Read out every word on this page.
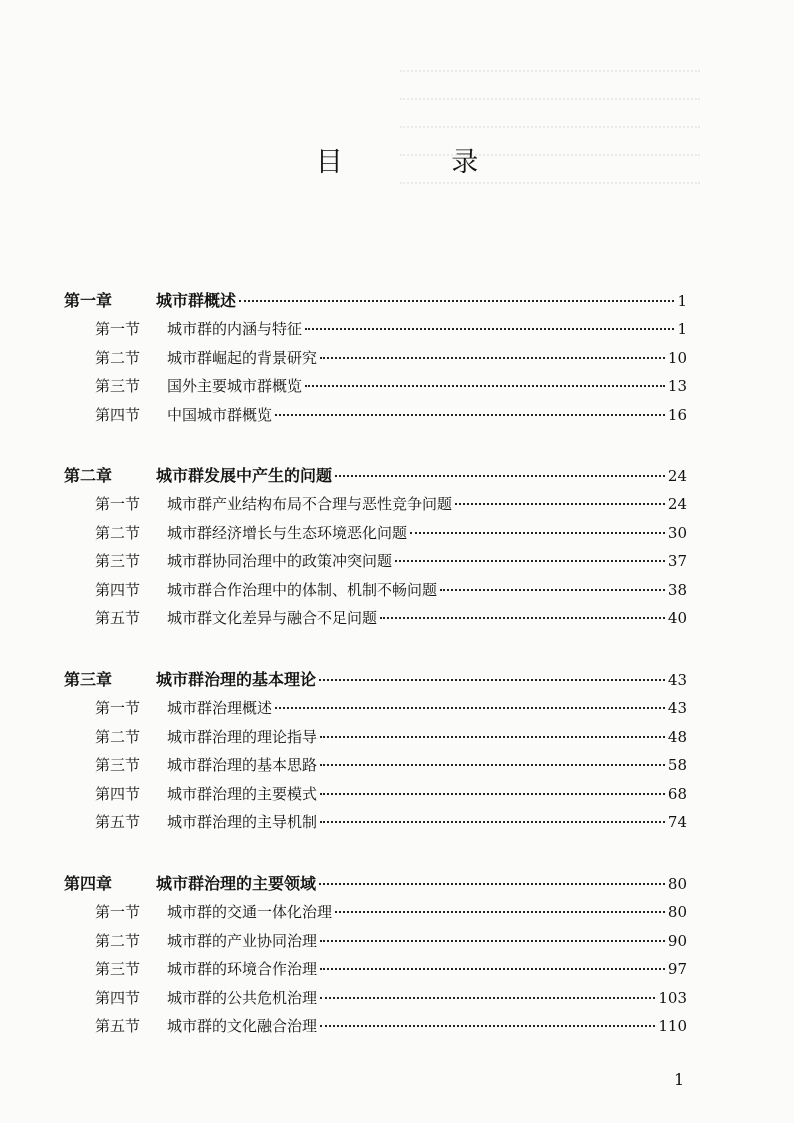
目 录
第一章	城市群概述	1
第一节	城市群的内涵与特征	1
第二节	城市群崛起的背景研究	10
第三节	国外主要城市群概览	13
第四节	中国城市群概览	16
第二章	城市群发展中产生的问题	24
第一节	城市群产业结构布局不合理与恶性竞争问题	24
第二节	城市群经济增长与生态环境恶化问题	30
第三节	城市群协同治理中的政策冲突问题	37
第四节	城市群合作治理中的体制、机制不畅问题	38
第五节	城市群文化差异与融合不足问题	40
第三章	城市群治理的基本理论	43
第一节	城市群治理概述	43
第二节	城市群治理的理论指导	48
第三节	城市群治理的基本思路	58
第四节	城市群治理的主要模式	68
第五节	城市群治理的主导机制	74
第四章	城市群治理的主要领域	80
第一节	城市群的交通一体化治理	80
第二节	城市群的产业协同治理	90
第三节	城市群的环境合作治理	97
第四节	城市群的公共危机治理	103
第五节	城市群的文化融合治理	110
1
